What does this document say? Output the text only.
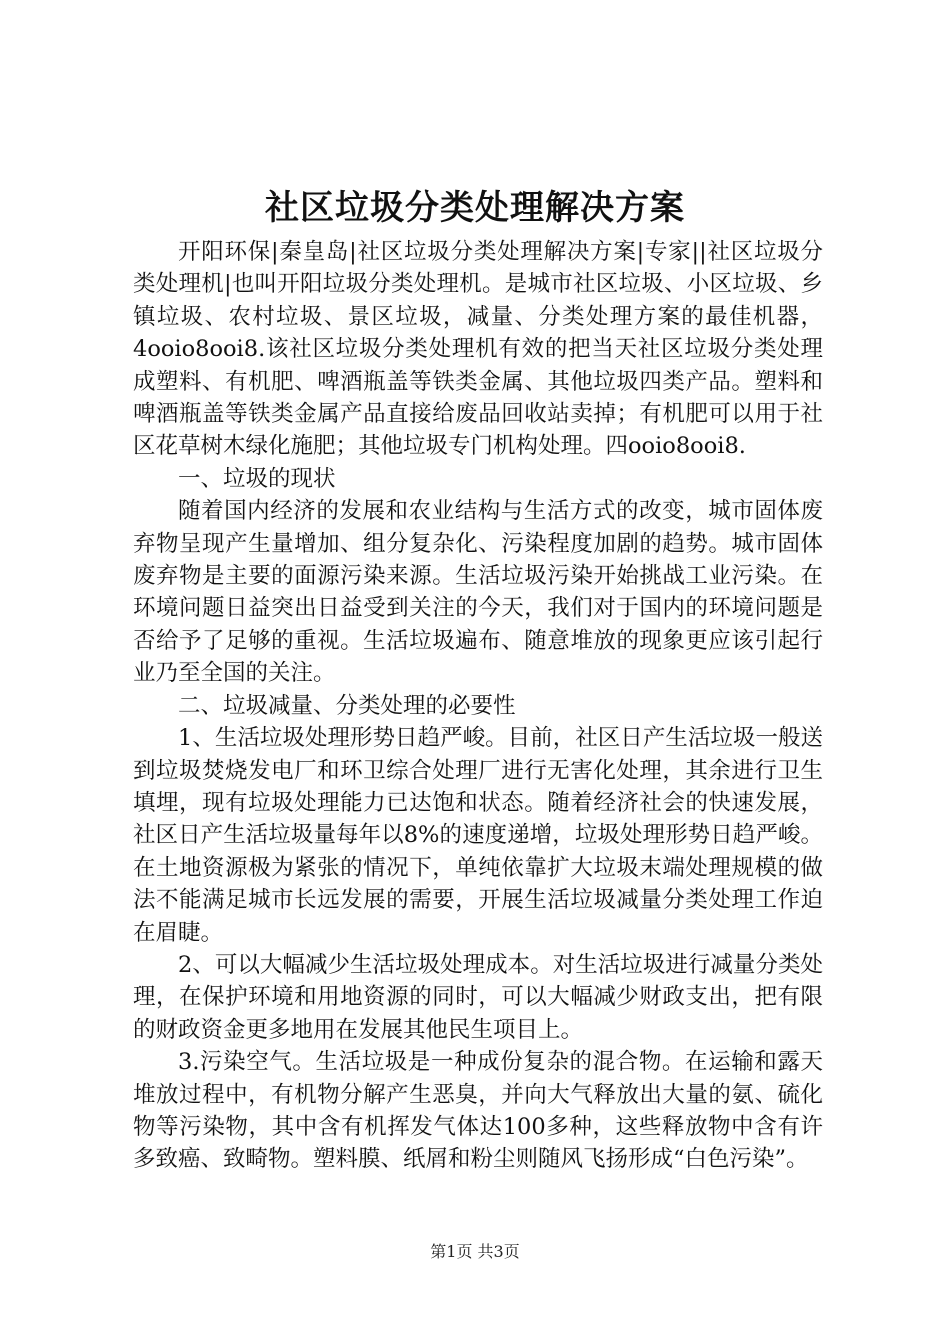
社区垃圾分类处理解决方案

开阳环保|秦皇岛|社区垃圾分类处理解决方案|专家||社区垃圾分类处理机|也叫开阳垃圾分类处理机。是城市社区垃圾、小区垃圾、乡镇垃圾、农村垃圾、景区垃圾，减量、分类处理方案的最佳机器，4ooio8ooi8.该社区垃圾分类处理机有效的把当天社区垃圾分类处理成塑料、有机肥、啤酒瓶盖等铁类金属、其他垃圾四类产品。塑料和啤酒瓶盖等铁类金属产品直接给废品回收站卖掉；有机肥可以用于社区花草树木绿化施肥；其他垃圾专门机构处理。四ooio8ooi8.

一、垃圾的现状

随着国内经济的发展和农业结构与生活方式的改变，城市固体废弃物呈现产生量增加、组分复杂化、污染程度加剧的趋势。城市固体废弃物是主要的面源污染来源。生活垃圾污染开始挑战工业污染。在环境问题日益突出日益受到关注的今天，我们对于国内的环境问题是否给予了足够的重视。生活垃圾遍布、随意堆放的现象更应该引起行业乃至全国的关注。

二、垃圾减量、分类处理的必要性

1、生活垃圾处理形势日趋严峻。目前，社区日产生活垃圾一般送到垃圾焚烧发电厂和环卫综合处理厂进行无害化处理，其余进行卫生填埋，现有垃圾处理能力已达饱和状态。随着经济社会的快速发展，社区日产生活垃圾量每年以8%的速度递增，垃圾处理形势日趋严峻。在土地资源极为紧张的情况下，单纯依靠扩大垃圾末端处理规模的做法不能满足城市长远发展的需要，开展生活垃圾减量分类处理工作迫在眉睫。

2、可以大幅减少生活垃圾处理成本。对生活垃圾进行减量分类处理，在保护环境和用地资源的同时，可以大幅减少财政支出，把有限的财政资金更多地用在发展其他民生项目上。

3.污染空气。生活垃圾是一种成份复杂的混合物。在运输和露天堆放过程中，有机物分解产生恶臭，并向大气释放出大量的氨、硫化物等污染物，其中含有机挥发气体达100多种，这些释放物中含有许多致癌、致畸物。塑料膜、纸屑和粉尘则随风飞扬形成“白色污染”。

第1页 共3页
